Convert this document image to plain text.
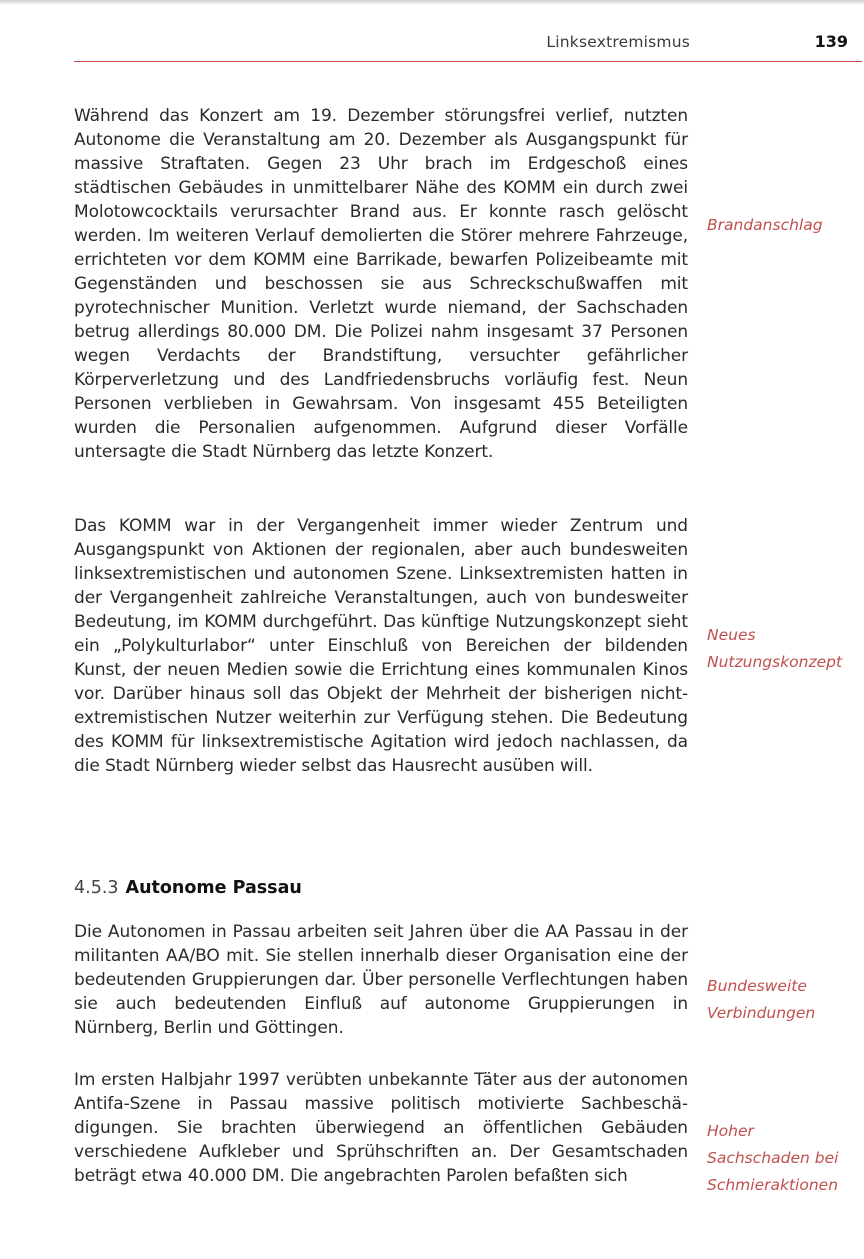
Linksextremismus	139

Während das Konzert am 19. Dezember störungsfrei verlief, nutzten Autonome die Veranstaltung am 20. Dezember als Ausgangspunkt für massive Straftaten. Gegen 23 Uhr brach im Erdgeschoß eines städtischen Gebäudes in unmittelbarer Nähe des KOMM ein durch zwei Molotowcocktails verursachter Brand aus. Er konnte rasch gelöscht werden. Im weiteren Verlauf demolierten die Störer mehrere Fahrzeuge, errichteten vor dem KOMM eine Barrikade, bewarfen Polizeibeamte mit Gegenständen und beschossen sie aus Schreckschußwaffen mit pyrotechnischer Munition. Verletzt wurde niemand, der Sachschaden betrug allerdings 80.000 DM. Die Polizei nahm insgesamt 37 Personen wegen Verdachts der Brandstiftung, versuchter gefährlicher Körperverletzung und des Landfriedensbruchs vorläufig fest. Neun Personen verblieben in Gewahrsam. Von insgesamt 455 Beteiligten wurden die Personalien aufgenommen. Aufgrund dieser Vorfälle untersagte die Stadt Nürnberg das letzte Konzert.

Das KOMM war in der Vergangenheit immer wieder Zentrum und Ausgangspunkt von Aktionen der regionalen, aber auch bundesweiten linksextremistischen und autonomen Szene. Linksextremisten hatten in der Vergangenheit zahlreiche Veranstaltungen, auch von bundesweiter Bedeutung, im KOMM durchgeführt. Das künftige Nutzungskonzept sieht ein „Polykulturlabor“ unter Einschluß von Bereichen der bildenden Kunst, der neuen Medien sowie die Errichtung eines kommunalen Kinos vor. Darüber hinaus soll das Objekt der Mehrheit der bisherigen nicht-extremistischen Nutzer weiterhin zur Verfügung stehen. Die Bedeutung des KOMM für linksextremistische Agitation wird jedoch nachlassen, da die Stadt Nürnberg wieder selbst das Hausrecht ausüben will.

4.5.3 Autonome Passau

Die Autonomen in Passau arbeiten seit Jahren über die AA Passau in der militanten AA/BO mit. Sie stellen innerhalb dieser Organisation eine der bedeutenden Gruppierungen dar. Über personelle Verflechtungen haben sie auch bedeutenden Einfluß auf autonome Gruppierungen in Nürnberg, Berlin und Göttingen.

Im ersten Halbjahr 1997 verübten unbekannte Täter aus der autonomen Antifa-Szene in Passau massive politisch motivierte Sachbeschädigungen. Sie brachten überwiegend an öffentlichen Gebäuden verschiedene Aufkleber und Sprühschriften an. Der Gesamtschaden beträgt etwa 40.000 DM. Die angebrachten Parolen befaßten sich

Brandanschlag
Neues
Nutzungskonzept
Bundesweite
Verbindungen
Hoher
Sachschaden bei
Schmieraktionen
